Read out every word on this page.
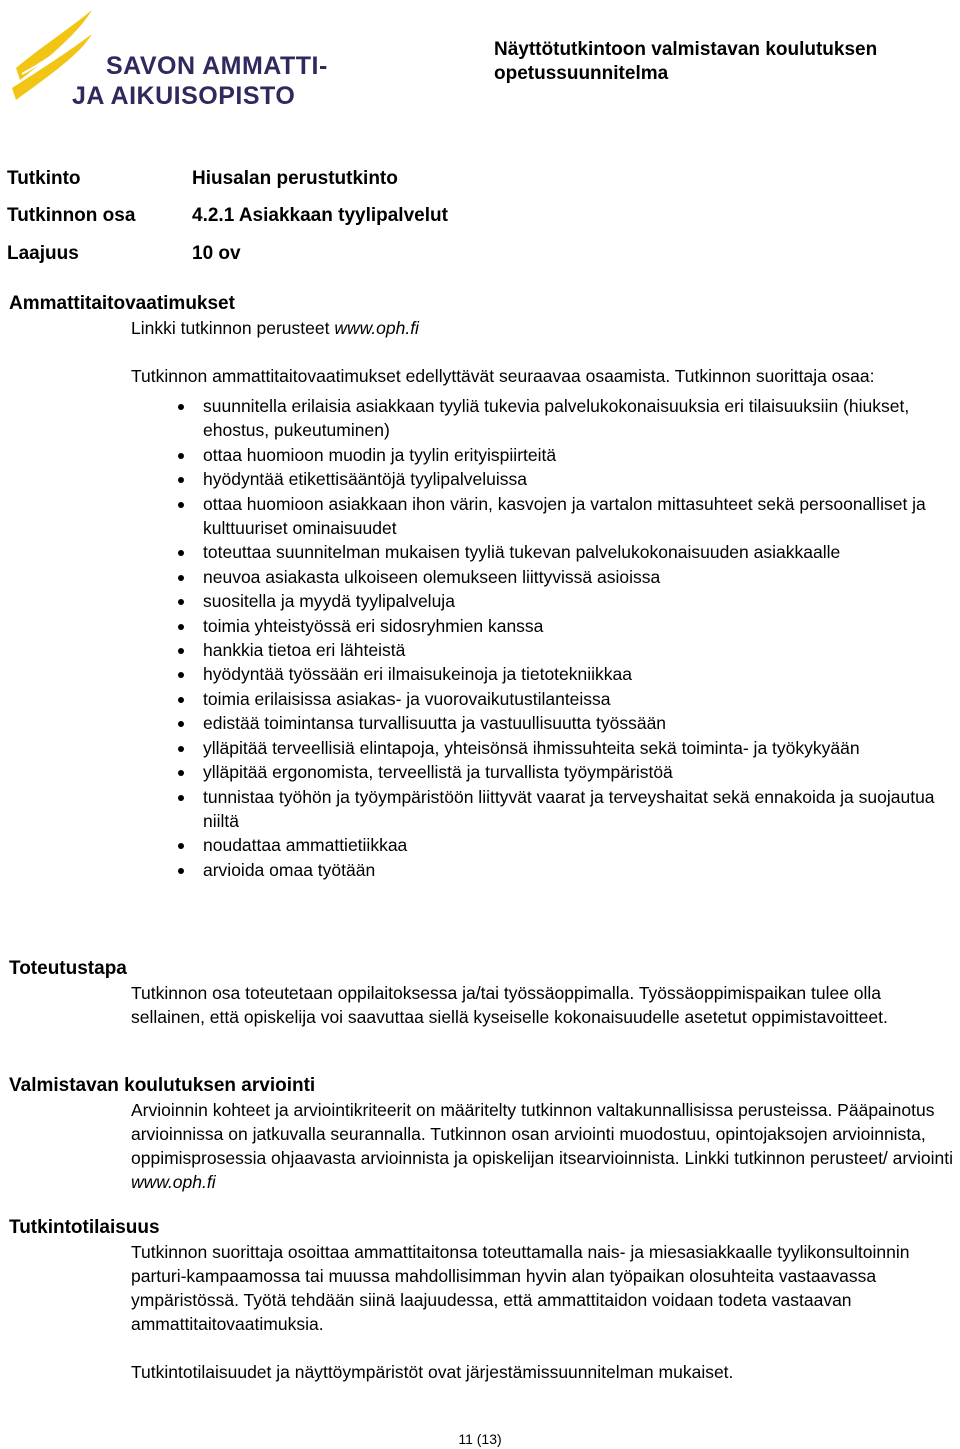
SAVON AMMATTI-
JA AIKUISOPISTO
Näyttötutkintoon valmistavan koulutuksen opetussuunnitelma
Tutkinto	Hiusalan perustutkinto
Tutkinnon osa	4.2.1 Asiakkaan tyylipalvelut
Laajuus	10 ov
Ammattitaitovaatimukset

Linkki tutkinnon perusteet www.oph.fi

Tutkinnon ammattitaitovaatimukset edellyttävät seuraavaa osaamista. Tutkinnon suorittaja osaa:

suunnitella erilaisia asiakkaan tyyliä tukevia palvelukokonaisuuksia eri tilaisuuksiin (hiukset, ehostus, pukeutuminen)
ottaa huomioon muodin ja tyylin erityispiirteitä
hyödyntää etikettisääntöjä tyylipalveluissa
ottaa huomioon asiakkaan ihon värin, kasvojen ja vartalon mittasuhteet sekä persoonalliset ja kulttuuriset ominaisuudet
toteuttaa suunnitelman mukaisen tyyliä tukevan palvelukokonaisuuden asiakkaalle
neuvoa asiakasta ulkoiseen olemukseen liittyvissä asioissa
suositella ja myydä tyylipalveluja
toimia yhteistyössä eri sidosryhmien kanssa
hankkia tietoa eri lähteistä
hyödyntää työssään eri ilmaisukeinoja ja tietotekniikkaa
toimia erilaisissa asiakas- ja vuorovaikutustilanteissa
edistää toimintansa turvallisuutta ja vastuullisuutta työssään
ylläpitää terveellisiä elintapoja, yhteisönsä ihmissuhteita sekä toiminta- ja työkykyään
ylläpitää ergonomista, terveellistä ja turvallista työympäristöä
tunnistaa työhön ja työympäristöön liittyvät vaarat ja terveyshaitat sekä ennakoida ja suojautua niiltä
noudattaa ammattietiikkaa
arvioida omaa työtään
Toteutustapa

Tutkinnon osa toteutetaan oppilaitoksessa ja/tai työssäoppimalla. Työssäoppimispaikan tulee olla sellainen, että opiskelija voi saavuttaa siellä kyseiselle kokonaisuudelle asetetut oppimistavoitteet.

Valmistavan koulutuksen arviointi

Arvioinnin kohteet ja arviointikriteerit on määritelty tutkinnon valtakunnallisissa perusteissa. Pääpainotus arvioinnissa on jatkuvalla seurannalla. Tutkinnon osan arviointi muodostuu, opintojaksojen arvioinnista, oppimisprosessia ohjaavasta arvioinnista ja opiskelijan itsearvioinnista. Linkki tutkinnon perusteet/ arviointi www.oph.fi

Tutkintotilaisuus

Tutkinnon suorittaja osoittaa ammattitaitonsa toteuttamalla nais- ja miesasiakkaalle tyylikonsultoinnin parturi-kampaamossa tai muussa mahdollisimman hyvin alan työpaikan olosuhteita vastaavassa ympäristössä. Työtä tehdään siinä laajuudessa, että ammattitaidon voidaan todeta vastaavan ammattitaitovaatimuksia.

Tutkintotilaisuudet ja näyttöympäristöt ovat järjestämissuunnitelman mukaiset.

11 (13)
